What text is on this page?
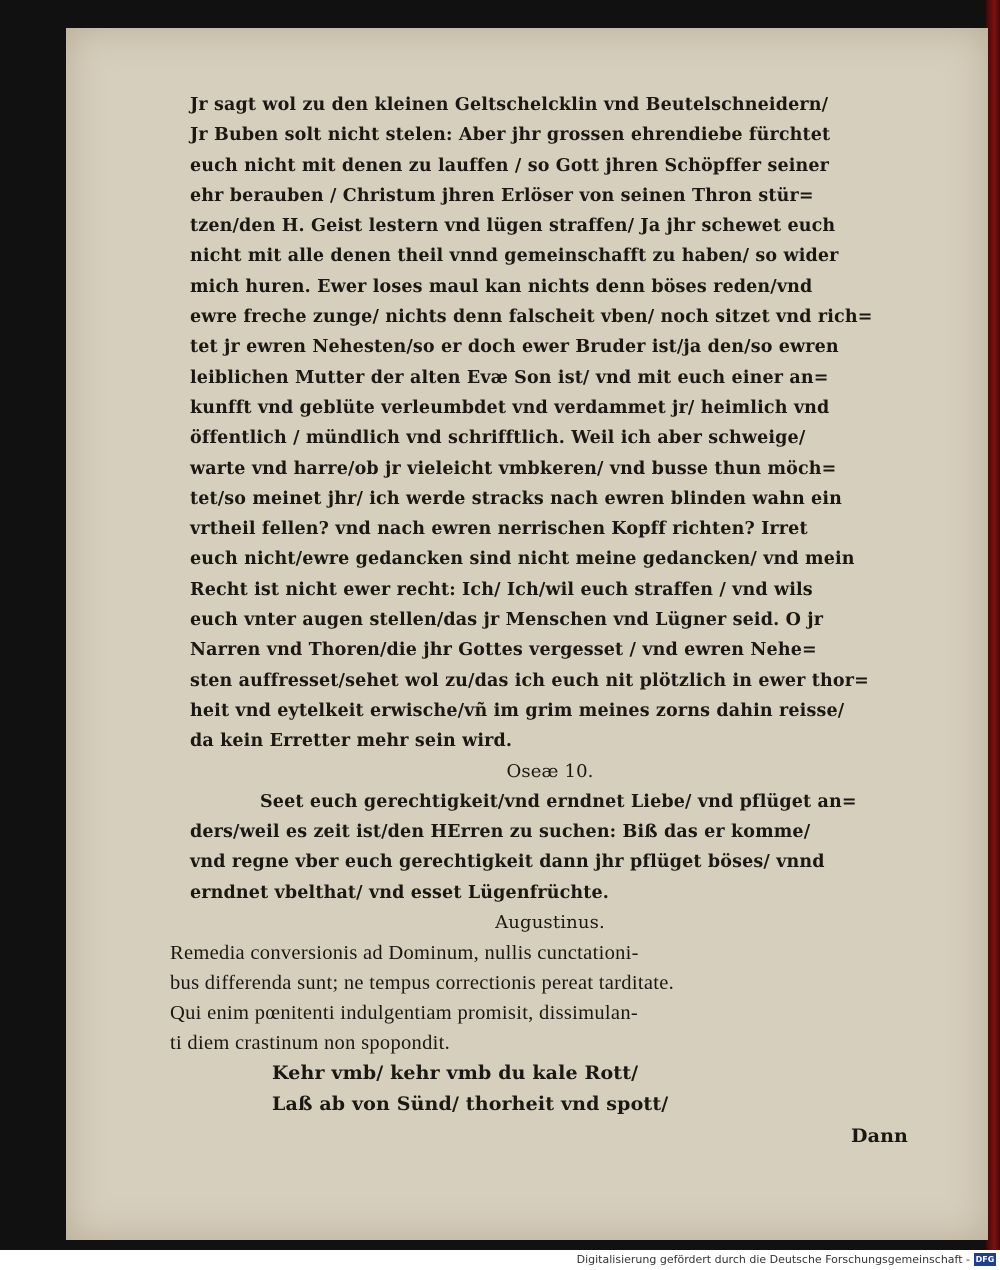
Jr sagt wol zu den kleinen Geltschelcklin vnd Beutelschneidern/
Jr Buben solt nicht stelen: Aber jhr grossen ehrendiebe fürchtet
euch nicht mit denen zu lauffen / so Gott jhren Schöpffer seiner
ehr berauben / Christum jhren Erlöser von seinen Thron stür=
tzen/den H. Geist lestern vnd lügen straffen/ Ja jhr schewet euch
nicht mit alle denen theil vnnd gemeinschafft zu haben/ so wider
mich huren. Ewer loses maul kan nichts denn böses reden/vnd
ewre freche zunge/ nichts denn falscheit vben/ noch sitzet vnd rich=
tet jr ewren Nehesten/so er doch ewer Bruder ist/ja den/so ewren
leiblichen Mutter der alten Evæ Son ist/ vnd mit euch einer an=
kunfft vnd geblüte verleumbdet vnd verdammet jr/ heimlich vnd
öffentlich / mündlich vnd schrifftlich. Weil ich aber schweige/
warte vnd harre/ob jr vieleicht vmbkeren/ vnd busse thun möch=
tet/so meinet jhr/ ich werde stracks nach ewren blinden wahn ein
vrtheil fellen? vnd nach ewren nerrischen Kopff richten? Irret
euch nicht/ewre gedancken sind nicht meine gedancken/ vnd mein
Recht ist nicht ewer recht: Ich/ Ich/wil euch straffen / vnd wils
euch vnter augen stellen/das jr Menschen vnd Lügner seid. O jr
Narren vnd Thoren/die jhr Gottes vergesset / vnd ewren Nehe=
sten auffresset/sehet wol zu/das ich euch nit plötzlich in ewer thor=
heit vnd eytelkeit erwische/vñ im grim meines zorns dahin reisse/
da kein Erretter mehr sein wird.
Oseæ 10.
Seet euch gerechtigkeit/vnd erndnet Liebe/ vnd pflüget an=
ders/weil es zeit ist/den HErren zu suchen: Biß das er komme/
vnd regne vber euch gerechtigkeit dann jhr pflüget böses/ vnnd
erndnet vbelthat/ vnd esset Lügenfrüchte.
Augustinus.
Remedia conversionis ad Dominum, nullis cunctationi-
bus differenda sunt; ne tempus correctionis pereat tarditate.
Qui enim pœnitenti indulgentiam promisit, dissimulan-
ti diem crastinum non spopondit.
Kehr vmb/ kehr vmb du kale Rott/
Laß ab von Sünd/ thorheit vnd spott/
Dann
Digitalisierung gefördert durch die Deutsche Forschungsgemeinschaft - DFG
